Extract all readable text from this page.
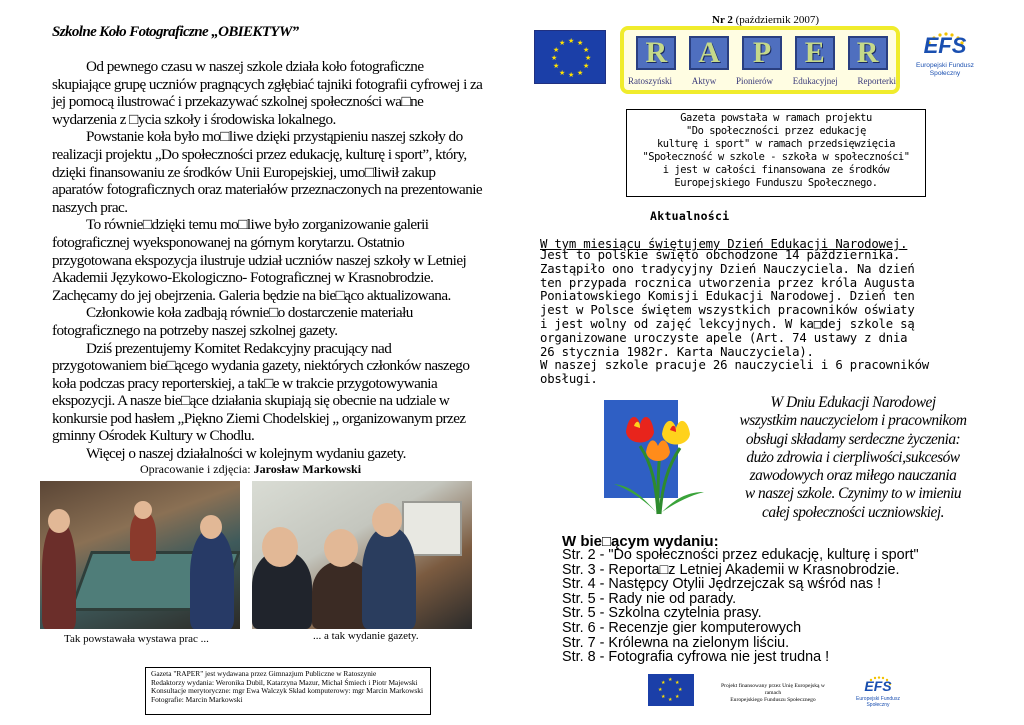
Szkolne Koło Fotograficzne „OBIEKTYW”

Od pewnego czasu w naszej szkole działa koło fotograficzne skupiające grupę uczniów pragnących zgłębiać tajniki fotografii cyfrowej i za jej pomocą ilustrować i przekazywać szkolnej społeczności wa□ne wydarzenia z □ycia szkoły i środowiska lokalnego.

Powstanie koła było mo□liwe dzięki przystąpieniu naszej szkoły do realizacji projektu „Do społeczności przez edukację, kulturę i sport”, który, dzięki finansowaniu ze środków Unii Europejskiej, umo□liwił zakup aparatów fotograficznych oraz materiałów przeznaczonych na prezentowanie naszych prac.

To równie□dzięki temu mo□liwe było zorganizowanie galerii fotograficznej wyeksponowanej na górnym korytarzu. Ostatnio przygotowana ekspozycja ilustruje udział uczniów naszej szkoły w Letniej Akademii Językowo-Ekologiczno- Fotograficznej w Krasnobrodzie. Zachęcamy do jej obejrzenia. Galeria będzie na bie□ąco aktualizowana.

Członkowie koła zadbają równie□o dostarczenie materiału fotograficznego na potrzeby naszej szkolnej gazety.

Dziś prezentujemy Komitet Redakcyjny pracujący nad przygotowaniem bie□ącego wydania gazety, niektórych członków naszego koła podczas pracy reporterskiej, a tak□e w trakcie przygotowywania ekspozycji. A nasze bie□ące działania skupiają się obecnie na udziale w konkursie pod hasłem „Piękno Ziemi Chodelskiej „ organizowanym przez gminny Ośrodek Kultury w Chodlu.

Więcej o naszej działalności w kolejnym wydaniu gazety.

Opracowanie i zdjęcia: Jarosław Markowski
Tak powstawała wystawa prac ...	... a tak wydanie gazety.
Gazeta "RAPER" jest wydawana przez Gimnazjum Publiczne w Ratoszynie
Redaktorzy wydania: Weronika Dubil, Katarzyna Mazur, Michał Śmiech i Piotr Majewski
Konsultacje merytoryczne: mgr Ewa Walczyk Skład komputerowy: mgr Marcin Markowski
Fotografie: Marcin Markowski
Nr 2 (październik 2007)
★ ★
★
★
★
★
★
★
★
★
★
★	R	A	P	E	R
Ratoszyński Aktyw Pionierów Edukacyjnej Reporterki
EFS
Europejski Fundusz Społeczny
Gazeta powstała w ramach projektu
"Do społeczności przez edukację
kulturę i sport" w ramach przedsięwzięcia
"Społeczność w szkole - szkoła w społeczności"
i jest w całości finansowana ze środków
Europejskiego Funduszu Społecznego.
Aktualności
W tym miesiącu świętujemy Dzień Edukacji Narodowej.
Jest to polskie święto obchodzone 14 października.
Zastąpiło ono tradycyjny Dzień Nauczyciela. Na dzień
ten przypada rocznica utworzenia przez króla Augusta
Poniatowskiego Komisji Edukacji Narodowej. Dzień ten
jest w Polsce świętem wszystkich pracowników oświaty
i jest wolny od zajęć lekcyjnych. W ka□dej szkole są
organizowane uroczyste apele (Art. 74 ustawy z dnia
26 stycznia 1982r. Karta Nauczyciela).
W naszej szkole pracuje 26 nauczycieli i 6 pracowników
obsługi.
W Dniu Edukacji Narodowej
wszystkim nauczycielom i pracownikom
obsługi składamy serdeczne życzenia:
dużo zdrowia i cierpliwości,sukcesów
zawodowych oraz miłego nauczania
w naszej szkole. Czynimy to w imieniu
całej społeczności uczniowskiej.
W bie□ącym wydaniu:
Str. 2 - "Do społeczności przez edukację, kulturę i sport"
Str. 3 - Reporta□z Letniej Akademii w Krasnobrodzie.
Str. 4 - Następcy Otylii Jędrzejczak są wśród nas !
Str. 5 - Rady nie od parady.
Str. 5 - Szkolna czytelnia prasy.
Str. 6 - Recenzje gier komputerowych
Str. 7 - Królewna na zielonym liściu.
Str. 8 - Fotografia cyfrowa nie jest trudna !
★
★
★
★
★
★
★
★	Projekt finansowany przez Unię Europejską w ramach
Europejskiego Funduszu Społecznego
EFS
Europejski Fundusz Społeczny
